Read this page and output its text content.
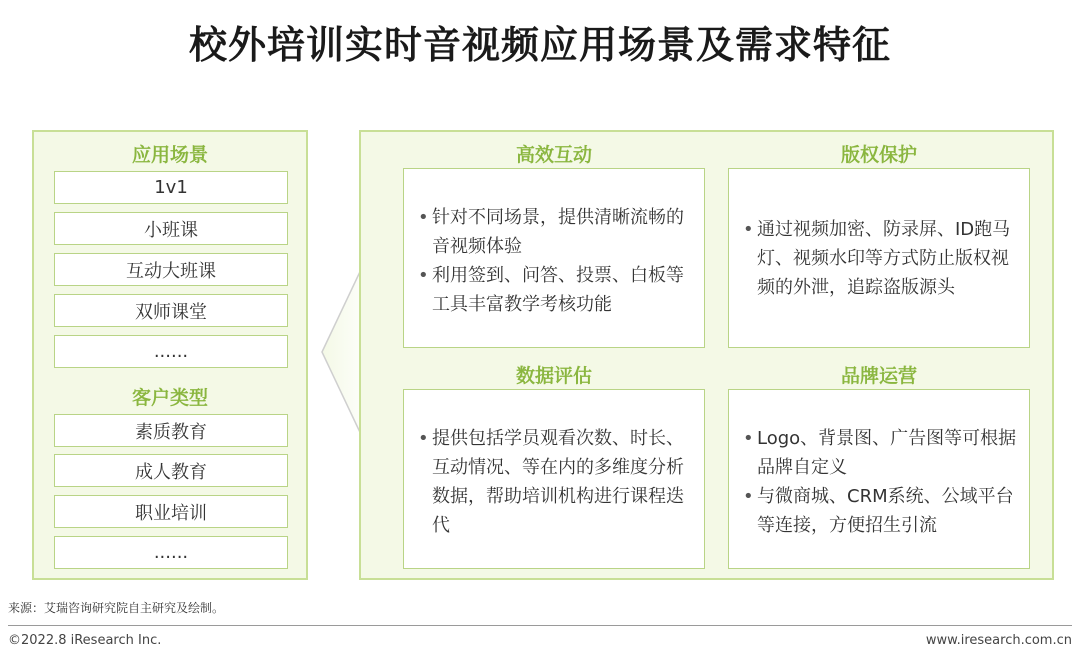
校外培训实时音视频应用场景及需求特征
应用场景
1v1
小班课
互动大班课
双师课堂
......
客户类型
素质教育
成人教育
职业培训
......
高效互动
• 针对不同场景，提供清晰流畅的音视频体验
• 利用签到、问答、投票、白板等工具丰富教学考核功能
版权保护
• 通过视频加密、防录屏、ID跑马灯、视频水印等方式防止版权视频的外泄，追踪盗版源头
数据评估
• 提供包括学员观看次数、时长、互动情况、等在内的多维度分析数据，帮助培训机构进行课程迭代
品牌运营
• Logo、背景图、广告图等可根据品牌自定义
• 与微商城、CRM系统、公域平台等连接，方便招生引流
来源：艾瑞咨询研究院自主研究及绘制。
©2022.8 iResearch Inc.	www.iresearch.com.cn
